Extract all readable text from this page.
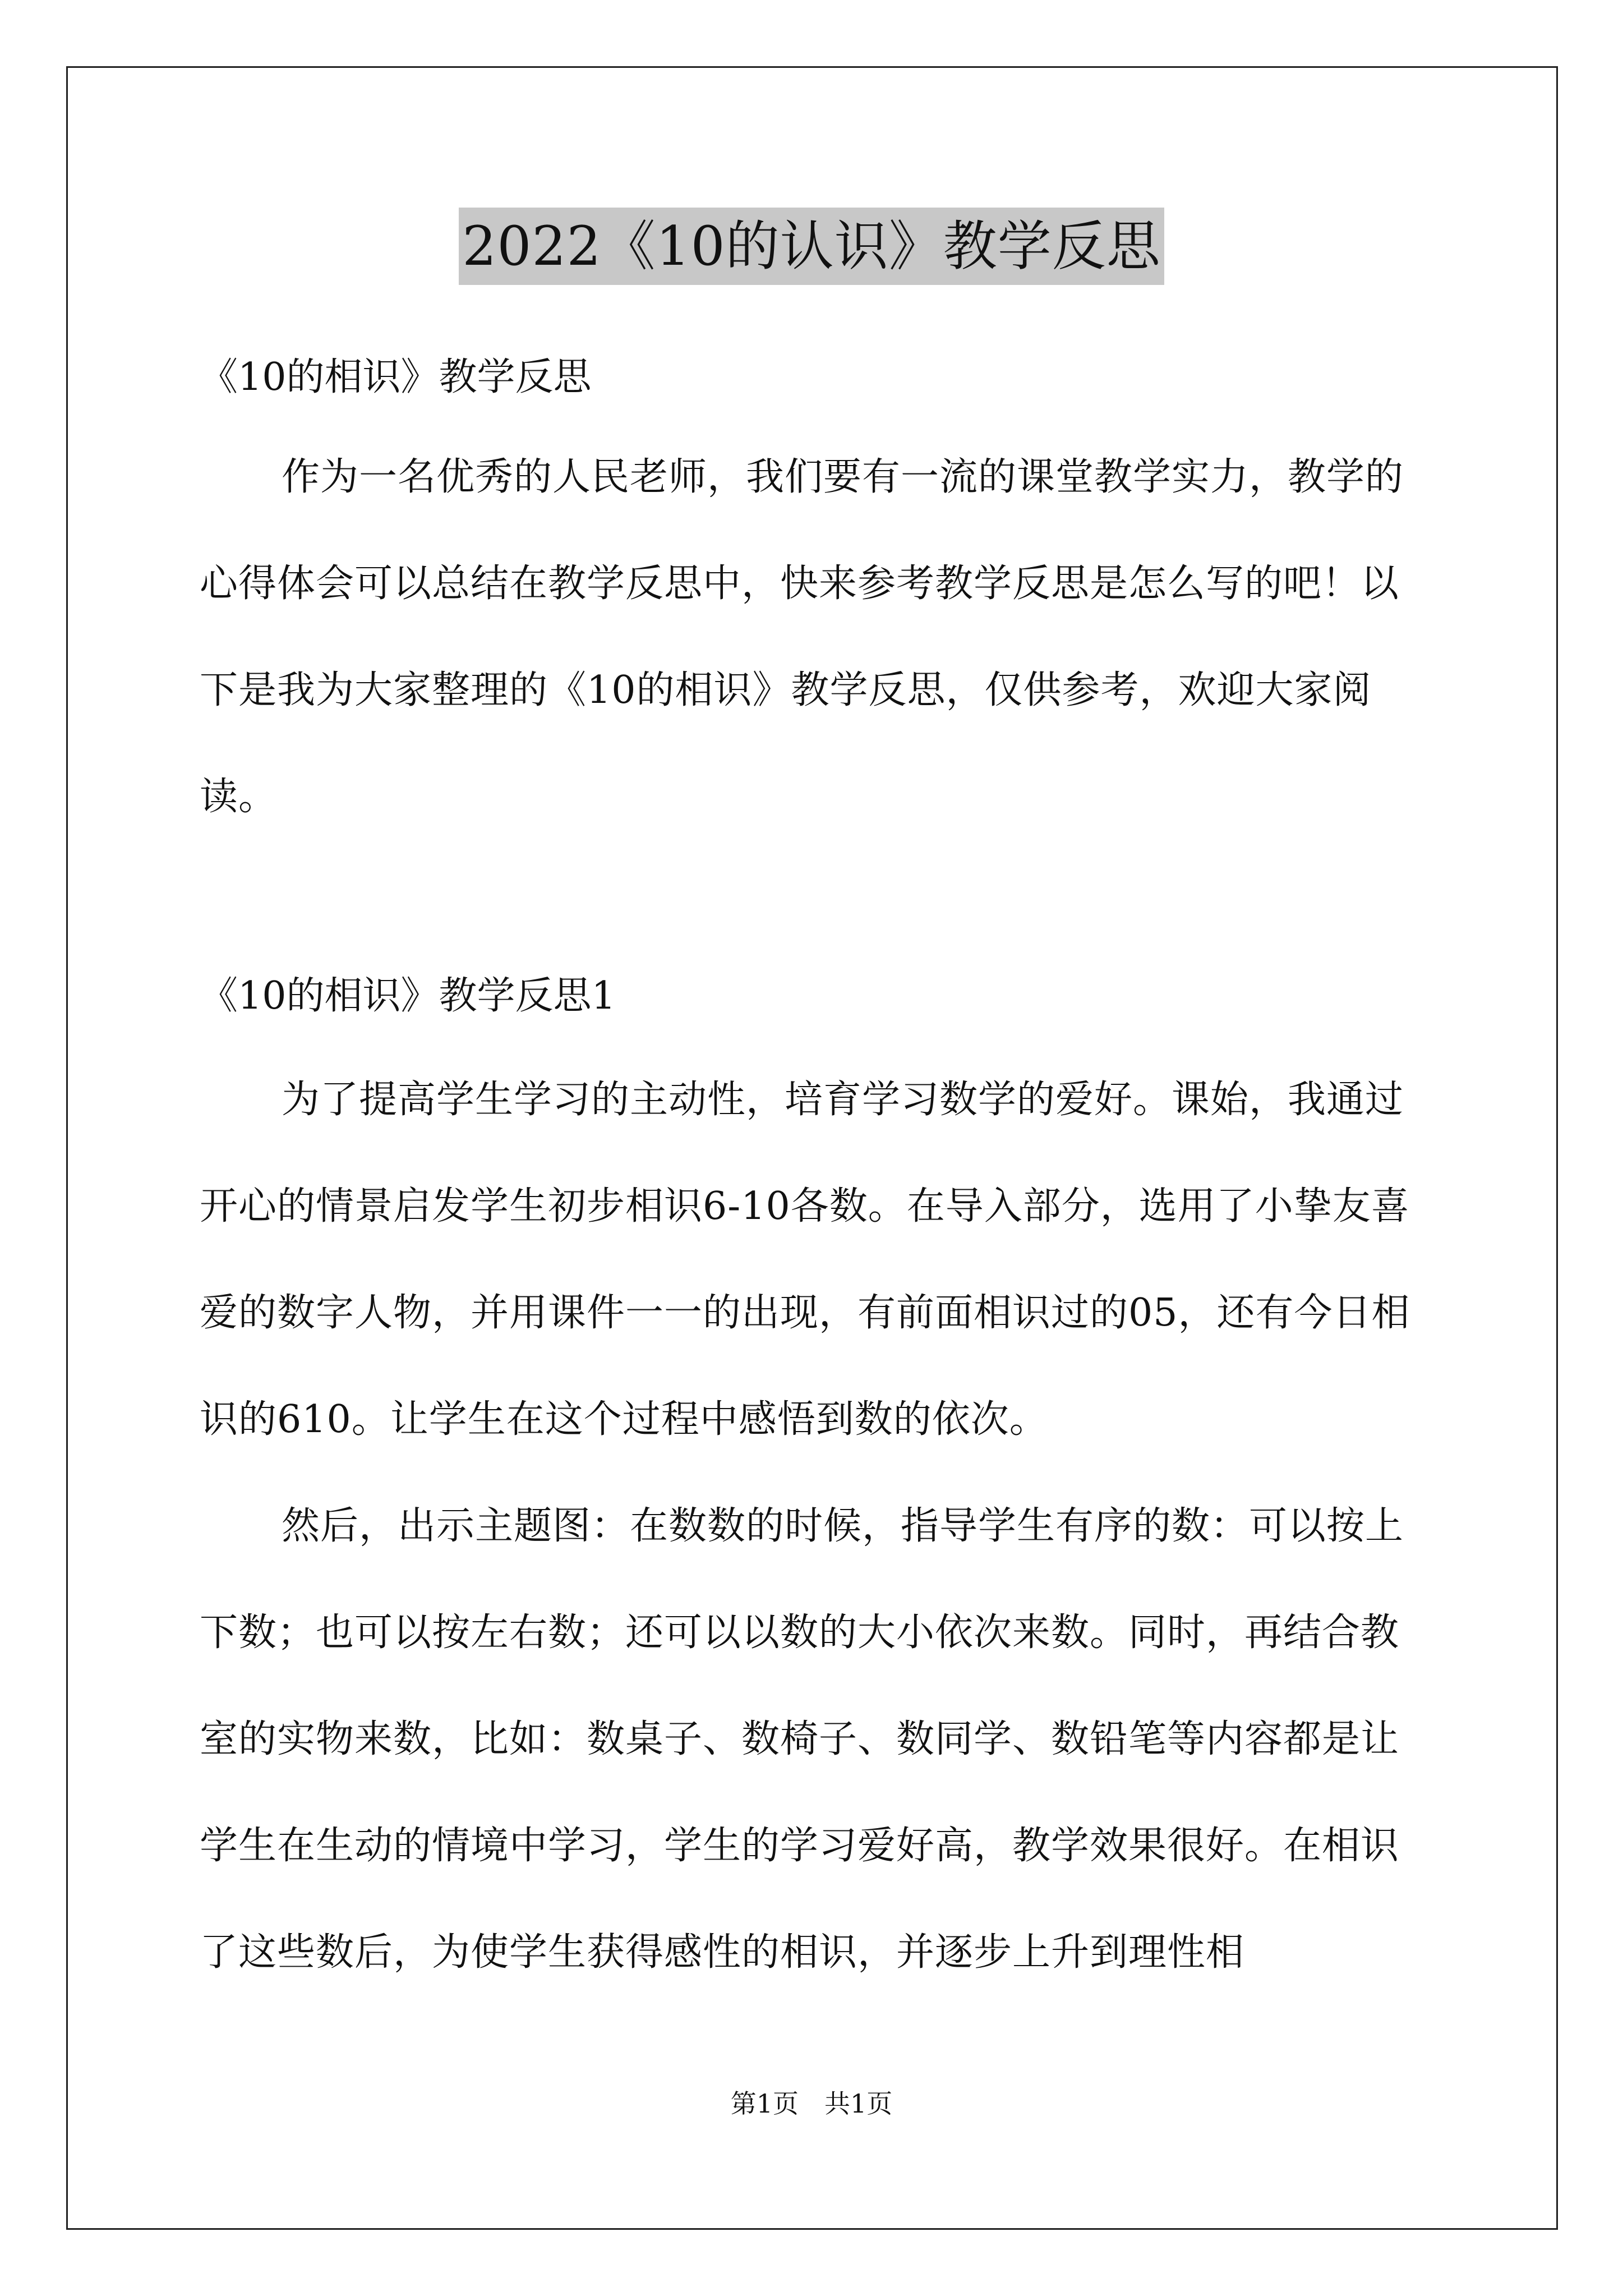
2022《10的认识》教学反思

《10的相识》教学反思

作为一名优秀的人民老师，我们要有一流的课堂教学实力，教学的心得体会可以总结在教学反思中，快来参考教学反思是怎么写的吧！以下是我为大家整理的《10的相识》教学反思，仅供参考，欢迎大家阅读。

《10的相识》教学反思1

为了提高学生学习的主动性，培育学习数学的爱好。课始，我通过开心的情景启发学生初步相识6-10各数。在导入部分，选用了小挚友喜爱的数字人物，并用课件一一的出现，有前面相识过的05，还有今日相识的610。让学生在这个过程中感悟到数的依次。

然后，出示主题图：在数数的时候，指导学生有序的数：可以按上下数；也可以按左右数；还可以以数的大小依次来数。同时，再结合教室的实物来数，比如：数桌子、数椅子、数同学、数铅笔等内容都是让学生在生动的情境中学习，学生的学习爱好高，教学效果很好。在相识了这些数后，为使学生获得感性的相识，并逐步上升到理性相

第1页　共1页
